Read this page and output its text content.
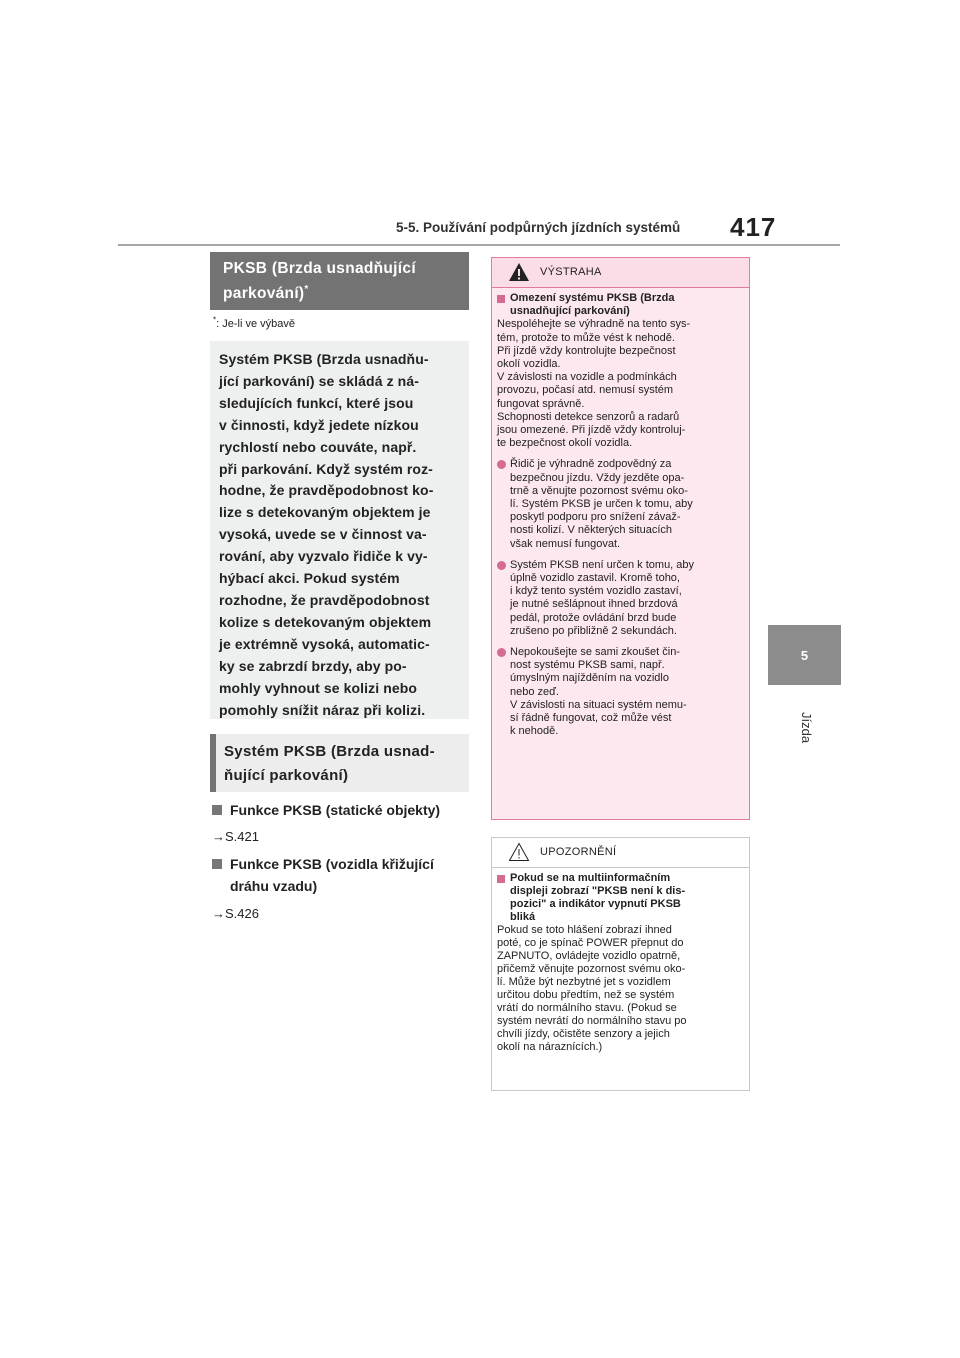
5-5. Používání podpůrných jízdních systémů 417
5
Jízda
PKSB (Brzda usnadňující
parkování)*
*: Je-li ve výbavě
Systém PKSB (Brzda usnadňu-
jící parkování) se skládá z ná-
sledujících funkcí, které jsou
v činnosti, když jedete nízkou
rychlostí nebo couváte, např.
při parkování. Když systém roz-
hodne, že pravděpodobnost ko-
lize s detekovaným objektem je
vysoká, uvede se v činnost va-
rování, aby vyzvalo řidiče k vy-
hýbací akci. Pokud systém
rozhodne, že pravděpodobnost
kolize s detekovaným objektem
je extrémně vysoká, automatic-
ky se zabrzdí brzdy, aby po-
mohly vyhnout se kolizi nebo
pomohly snížit náraz při kolizi.
Systém PKSB (Brzda usnad-
ňující parkování)
Funkce PKSB (statické objekty)
→S.421
Funkce PKSB (vozidla křižující
dráhu vzadu)
→S.426
VÝSTRAHA
Omezení systému PKSB (Brzda
usnadňující parkování)
Nespoléhejte se výhradně na tento sys-
tém, protože to může vést k nehodě.
Při jízdě vždy kontrolujte bezpečnost
okolí vozidla.
V závislosti na vozidle a podmínkách
provozu, počasí atd. nemusí systém
fungovat správně.
Schopnosti detekce senzorů a radarů
jsou omezené. Při jízdě vždy kontroluj-
te bezpečnost okolí vozidla.
Řidič je výhradně zodpovědný za
bezpečnou jízdu. Vždy jezděte opa-
trně a věnujte pozornost svému oko-
lí. Systém PKSB je určen k tomu, aby
poskytl podporu pro snížení závaž-
nosti kolizí. V některých situacích
však nemusí fungovat.
Systém PKSB není určen k tomu, aby
úplně vozidlo zastavil. Kromě toho,
i když tento systém vozidlo zastaví,
je nutné sešlápnout ihned brzdová
pedál, protože ovládání brzd bude
zrušeno po přibližně 2 sekundách.
Nepokoušejte se sami zkoušet čin-
nost systému PKSB sami, např.
úmyslným najížděním na vozidlo
nebo zeď.
V závislosti na situaci systém nemu-
sí řádně fungovat, což může vést
k nehodě.
UPOZORNĚNÍ
Pokud se na multiinformačním
displeji zobrazí "PKSB není k dis-
pozici" a indikátor vypnutí PKSB
bliká
Pokud se toto hlášení zobrazí ihned
poté, co je spínač POWER přepnut do
ZAPNUTO, ovládejte vozidlo opatrně,
přičemž věnujte pozornost svému oko-
lí. Může být nezbytné jet s vozidlem
určitou dobu předtím, než se systém
vrátí do normálního stavu. (Pokud se
systém nevrátí do normálního stavu po
chvíli jízdy, očistěte senzory a jejich
okolí na náraznících.)
